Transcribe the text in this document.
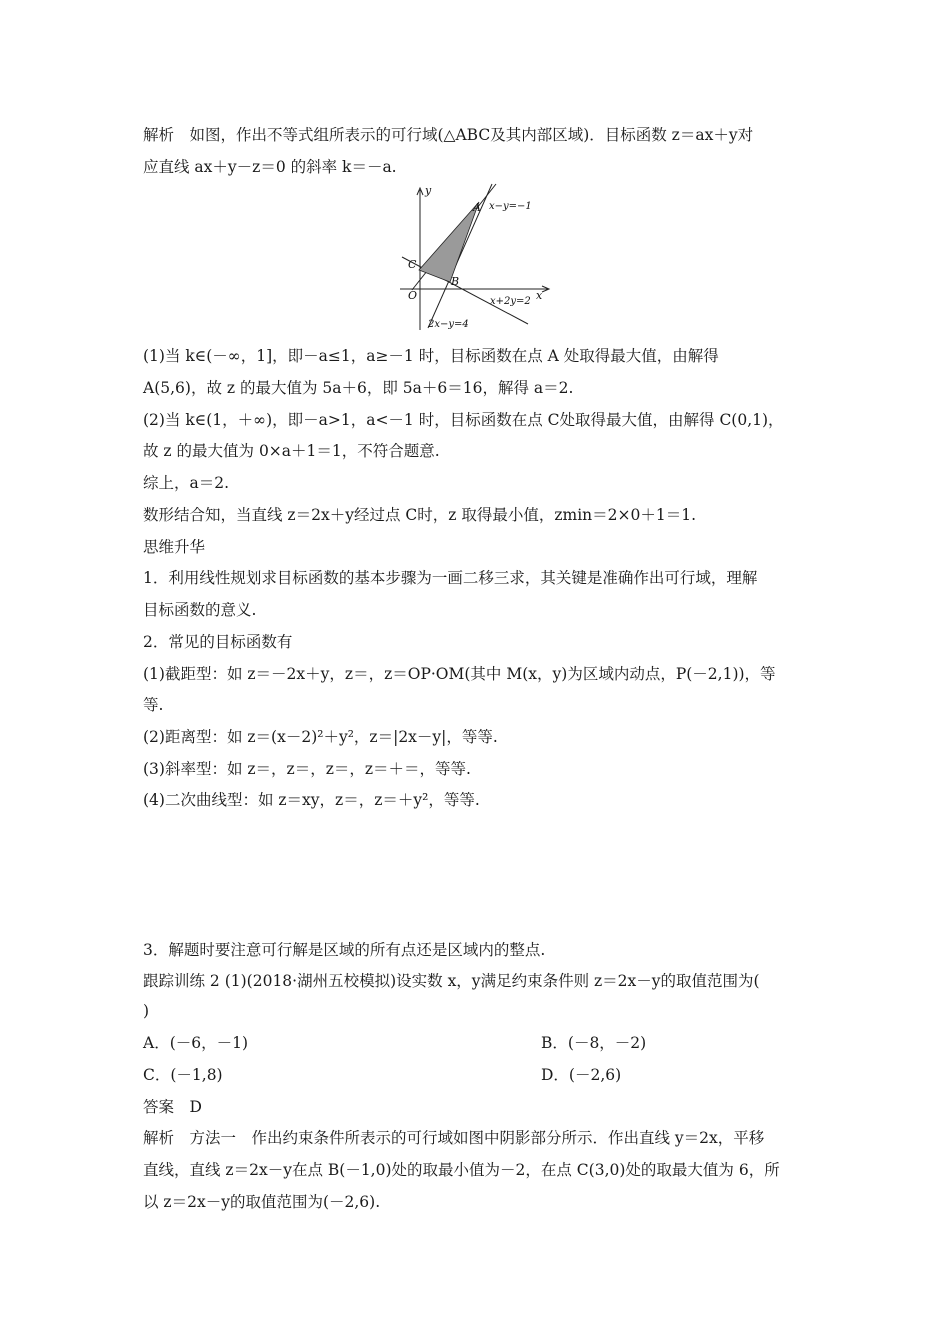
解析　如图，作出不等式组所表示的可行域(△ABC及其内部区域)．目标函数 z＝ax＋y对
应直线 ax＋y－z＝0 的斜率 k＝－a.
y
x
O
A
B
C
x−y=−1
x+2y=2
2x−y=4
(1)当 k∈(－∞，1]，即－a≤1，a≥－1 时，目标函数在点 A 处取得最大值，由解得
A(5,6)，故 z 的最大值为 5a＋6，即 5a＋6＝16，解得 a＝2.
(2)当 k∈(1，＋∞)，即－a>1，a<－1 时，目标函数在点 C处取得最大值，由解得 C(0,1)，
故 z 的最大值为 0×a＋1＝1，不符合题意.
综上，a＝2.
数形结合知，当直线 z＝2x＋y经过点 C时，z 取得最小值，zmin＝2×0＋1＝1.
思维升华
1．利用线性规划求目标函数的基本步骤为一画二移三求，其关键是准确作出可行域，理解
目标函数的意义.
2．常见的目标函数有
(1)截距型：如 z＝－2x＋y，z＝，z＝OP·OM(其中 M(x，y)为区域内动点，P(－2,1))，等
等.
(2)距离型：如 z＝(x－2)²＋y²，z＝|2x－y|，等等.
(3)斜率型：如 z＝，z＝，z＝，z＝＋＝，等等.
(4)二次曲线型：如 z＝xy，z＝，z＝＋y²，等等.
3．解题时要注意可行解是区域的所有点还是区域内的整点.
跟踪训练 2 (1)(2018·湖州五校模拟)设实数 x，y满足约束条件则 z＝2x－y的取值范围为(
)
A．(－6，－1)	B．(－8，－2)
C．(－1,8)	D．(－2,6)
答案　D
解析　方法一　作出约束条件所表示的可行域如图中阴影部分所示．作出直线 y＝2x，平移
直线，直线 z＝2x－y在点 B(－1,0)处的取最小值为－2，在点 C(3,0)处的取最大值为 6，所
以 z＝2x－y的取值范围为(－2,6).
